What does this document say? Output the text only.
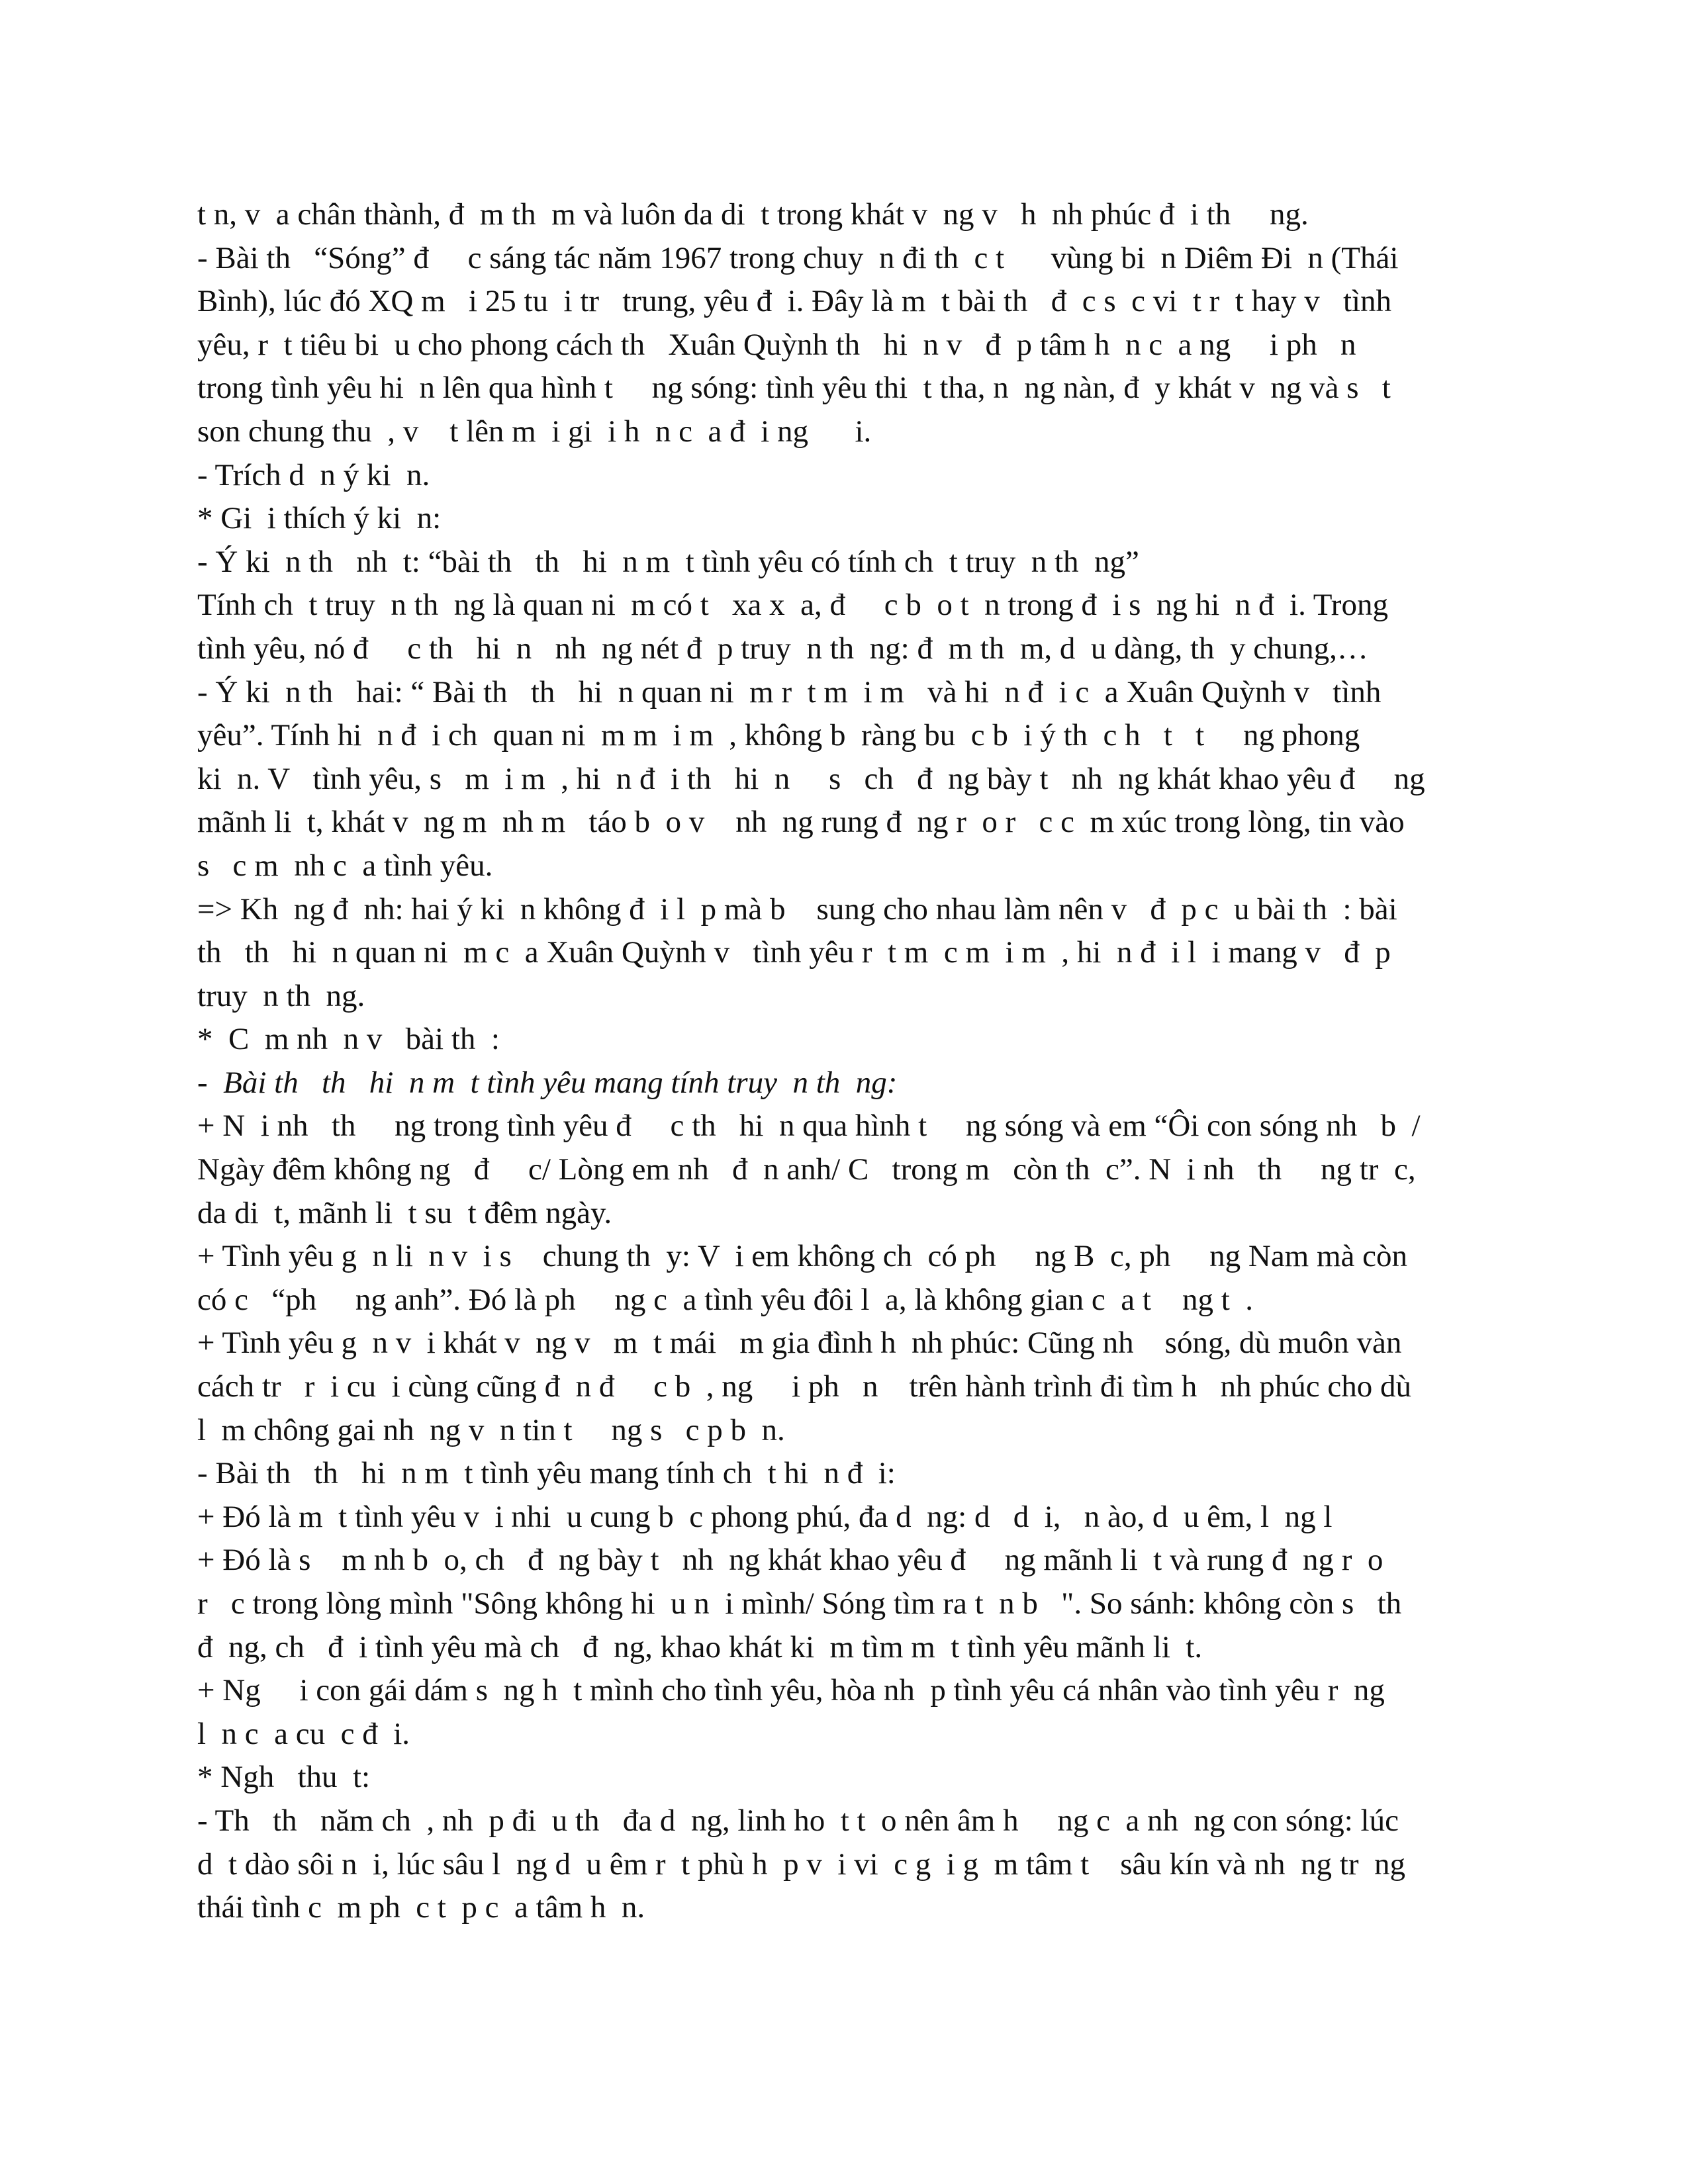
t n, v  a chân thành, đ  m th  m và luôn da di  t trong khát v  ng v   h  nh phúc đ  i th     ng.
- Bài th   “Sóng” đ     c sáng tác năm 1967 trong chuy  n đi th  c t      vùng bi  n Diêm Đi  n (Thái
Bình), lúc đó XQ m   i 25 tu  i tr   trung, yêu đ  i. Đây là m  t bài th   đ  c s  c vi  t r  t hay v   tình
yêu, r  t tiêu bi  u cho phong cách th   Xuân Quỳnh th   hi  n v   đ  p tâm h  n c  a ng     i ph   n
trong tình yêu hi  n lên qua hình t     ng sóng: tình yêu thi  t tha, n  ng nàn, đ  y khát v  ng và s   t
son chung thu  , v    t lên m  i gi  i h  n c  a đ  i ng      i.
- Trích d  n ý ki  n.
* Gi  i thích ý ki  n:
- Ý ki  n th   nh  t: “bài th   th   hi  n m  t tình yêu có tính ch  t truy  n th  ng”
Tính ch  t truy  n th  ng là quan ni  m có t   xa x  a, đ     c b  o t  n trong đ  i s  ng hi  n đ  i. Trong
tình yêu, nó đ     c th   hi  n   nh  ng nét đ  p truy  n th  ng: đ  m th  m, d  u dàng, th  y chung,…
- Ý ki  n th   hai: “ Bài th   th   hi  n quan ni  m r  t m  i m   và hi  n đ  i c  a Xuân Quỳnh v   tình
yêu”. Tính hi  n đ  i ch  quan ni  m m  i m  , không b  ràng bu  c b  i ý th  c h   t   t     ng phong
ki  n. V   tình yêu, s   m  i m  , hi  n đ  i th   hi  n     s   ch   đ  ng bày t   nh  ng khát khao yêu đ     ng
mãnh li  t, khát v  ng m  nh m   táo b  o v    nh  ng rung đ  ng r  o r   c c  m xúc trong lòng, tin vào
s   c m  nh c  a tình yêu.
=> Kh  ng đ  nh: hai ý ki  n không đ  i l  p mà b    sung cho nhau làm nên v   đ  p c  u bài th  : bài
th   th   hi  n quan ni  m c  a Xuân Quỳnh v   tình yêu r  t m  c m  i m  , hi  n đ  i l  i mang v   đ  p
truy  n th  ng.
*  C  m nh  n v   bài th  :
-  Bài th   th   hi  n m  t tình yêu mang tính truy  n th  ng:
+ N  i nh   th     ng trong tình yêu đ     c th   hi  n qua hình t     ng sóng và em “Ôi con sóng nh   b  /
Ngày đêm không ng   đ     c/ Lòng em nh   đ  n anh/ C   trong m   còn th  c”. N  i nh   th     ng tr  c,
da di  t, mãnh li  t su  t đêm ngày.
+ Tình yêu g  n li  n v  i s    chung th  y: V  i em không ch  có ph     ng B  c, ph     ng Nam mà còn
có c   “ph     ng anh”. Đó là ph     ng c  a tình yêu đôi l  a, là không gian c  a t    ng t  .
+ Tình yêu g  n v  i khát v  ng v   m  t mái   m gia đình h  nh phúc: Cũng nh    sóng, dù muôn vàn
cách tr   r  i cu  i cùng cũng đ  n đ     c b  , ng     i ph   n    trên hành trình đi tìm h   nh phúc cho dù
l  m chông gai nh  ng v  n tin t     ng s   c p b  n.
- Bài th   th   hi  n m  t tình yêu mang tính ch  t hi  n đ  i:
+ Đó là m  t tình yêu v  i nhi  u cung b  c phong phú, đa d  ng: d   d  i,   n ào, d  u êm, l  ng l
+ Đó là s    m nh b  o, ch   đ  ng bày t   nh  ng khát khao yêu đ     ng mãnh li  t và rung đ  ng r  o
r   c trong lòng mình "Sông không hi  u n  i mình/ Sóng tìm ra t  n b   ". So sánh: không còn s   th
đ  ng, ch   đ  i tình yêu mà ch   đ  ng, khao khát ki  m tìm m  t tình yêu mãnh li  t.
+ Ng     i con gái dám s  ng h  t mình cho tình yêu, hòa nh  p tình yêu cá nhân vào tình yêu r  ng
l  n c  a cu  c đ  i.
* Ngh   thu  t:
- Th   th   năm ch  , nh  p đi  u th   đa d  ng, linh ho  t t  o nên âm h     ng c  a nh  ng con sóng: lúc
d  t dào sôi n  i, lúc sâu l  ng d  u êm r  t phù h  p v  i vi  c g  i g  m tâm t    sâu kín và nh  ng tr  ng
thái tình c  m ph  c t  p c  a tâm h  n.
